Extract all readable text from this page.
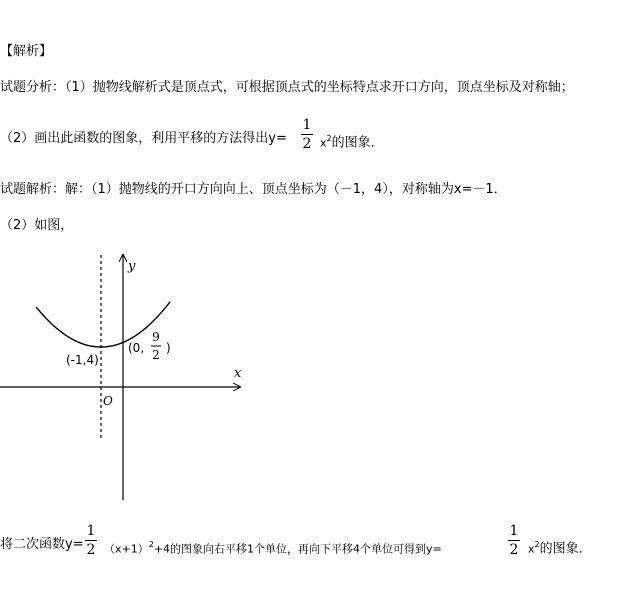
【解析】
试题分析：（1）抛物线解析式是顶点式，可根据顶点式的坐标特点求开口方向，顶点坐标及对称轴；
（2）画出此函数的图象，利用平移的方法得出y=
1
2 $x^2$的图象．
试题解析：解：（1）抛物线的开口方向向上、顶点坐标为（－1，4），对称轴为x=－1．
（2）如图，
y
x
O
(-1,4)
(0,
9
2 )
将二次函数y=
1
2 $(x+1)^2+4$的图象向右平移1个单位，再向下平移4个单位可得到y=
1
2 $x^2$的图象．
